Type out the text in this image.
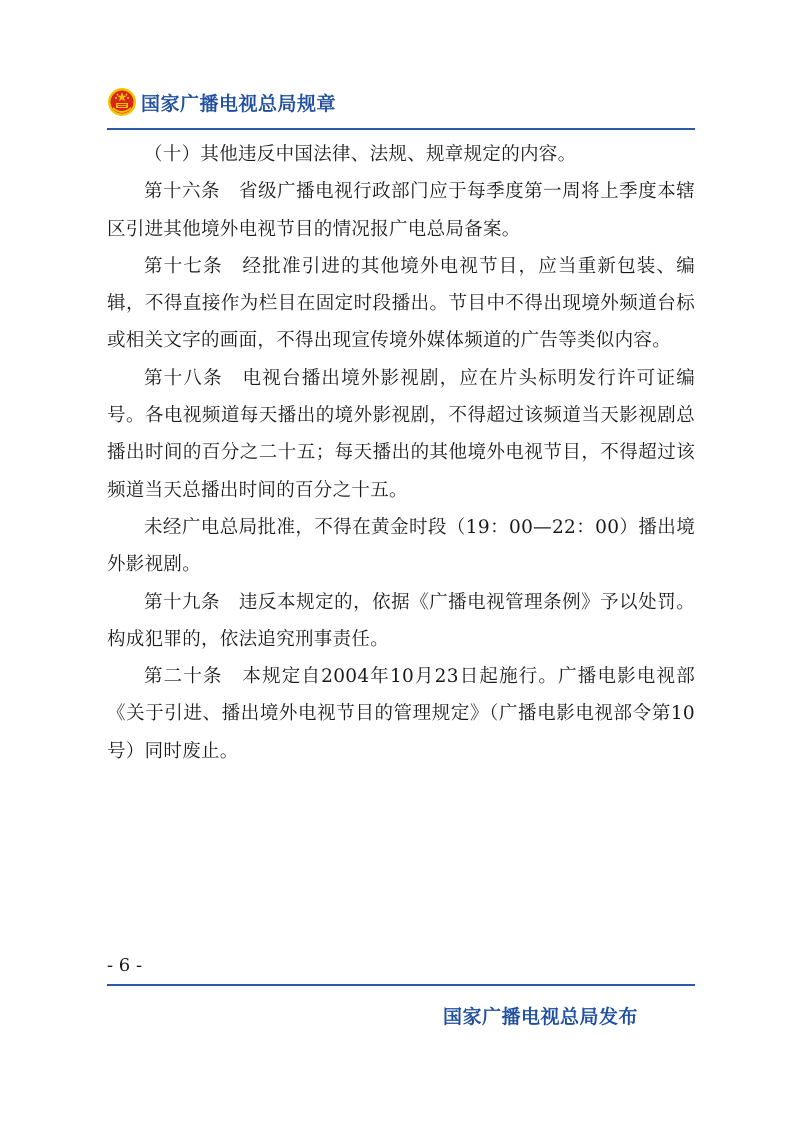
国家广播电视总局规章

（十）其他违反中国法律、法规、规章规定的内容。

第十六条　省级广播电视行政部门应于每季度第一周将上季度本辖区引进其他境外电视节目的情况报广电总局备案。

第十七条　经批准引进的其他境外电视节目，应当重新包装、编辑，不得直接作为栏目在固定时段播出。节目中不得出现境外频道台标或相关文字的画面，不得出现宣传境外媒体频道的广告等类似内容。

第十八条　电视台播出境外影视剧，应在片头标明发行许可证编号。各电视频道每天播出的境外影视剧，不得超过该频道当天影视剧总播出时间的百分之二十五；每天播出的其他境外电视节目，不得超过该频道当天总播出时间的百分之十五。

未经广电总局批准，不得在黄金时段（19：00—22：00）播出境外影视剧。

第十九条　违反本规定的，依据《广播电视管理条例》予以处罚。构成犯罪的，依法追究刑事责任。

第二十条　本规定自2004年10月23日起施行。广播电影电视部《关于引进、播出境外电视节目的管理规定》（广播电影电视部令第10号）同时废止。

- 6 -
国家广播电视总局发布
